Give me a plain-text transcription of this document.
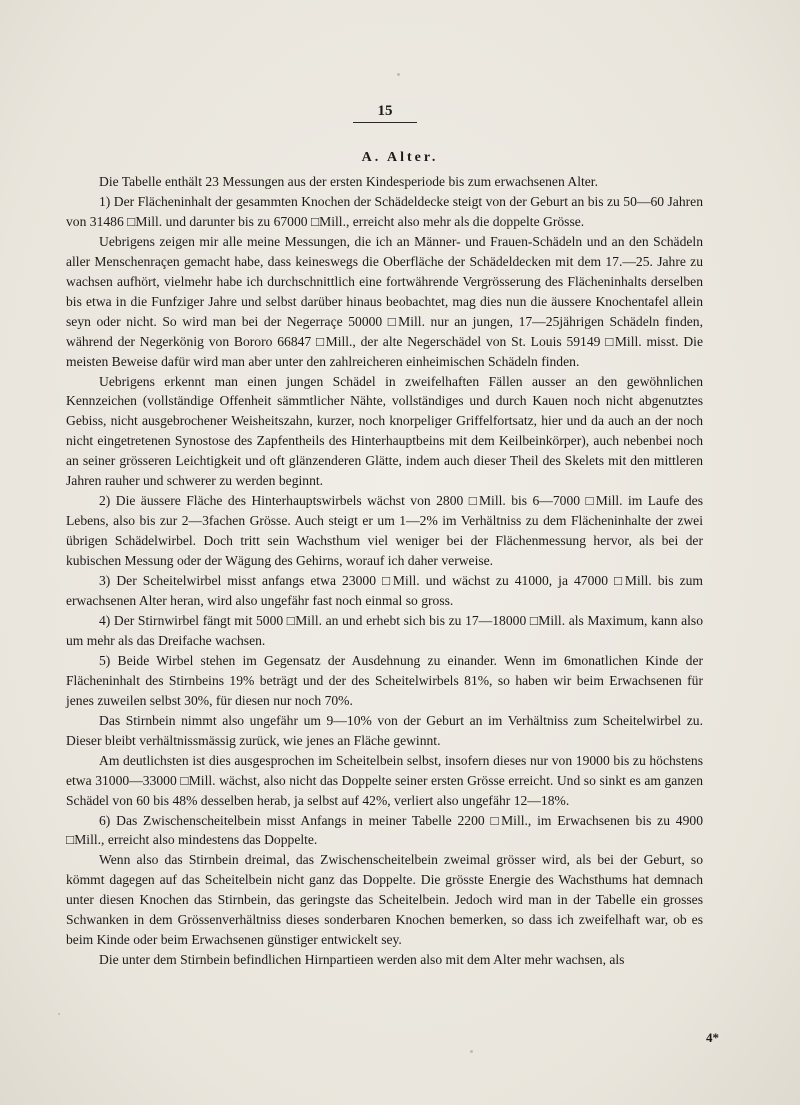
15
A. Alter.

Die Tabelle enthält 23 Messungen aus der ersten Kindesperiode bis zum erwachsenen Alter.

1) Der Flächeninhalt der gesammten Knochen der Schädeldecke steigt von der Geburt an bis zu 50—60 Jahren von 31486 □Mill. und darunter bis zu 67000 □Mill., erreicht also mehr als die doppelte Grösse.

Uebrigens zeigen mir alle meine Messungen, die ich an Männer- und Frauen-Schädeln und an den Schädeln aller Menschenraçen gemacht habe, dass keineswegs die Oberfläche der Schädeldecken mit dem 17.—25. Jahre zu wachsen aufhört, vielmehr habe ich durchschnittlich eine fortwährende Vergrösserung des Flächeninhalts derselben bis etwa in die Funfziger Jahre und selbst darüber hinaus beobachtet, mag dies nun die äussere Knochentafel allein seyn oder nicht. So wird man bei der Negerraçe 50000 □Mill. nur an jungen, 17—25jährigen Schädeln finden, während der Negerkönig von Bororo 66847 □Mill., der alte Negerschädel von St. Louis 59149 □Mill. misst. Die meisten Beweise dafür wird man aber unter den zahlreicheren einheimischen Schädeln finden.

Uebrigens erkennt man einen jungen Schädel in zweifelhaften Fällen ausser an den gewöhnlichen Kennzeichen (vollständige Offenheit sämmtlicher Nähte, vollständiges und durch Kauen noch nicht abgenutztes Gebiss, nicht ausgebrochener Weisheitszahn, kurzer, noch knorpeliger Griffelfortsatz, hier und da auch an der noch nicht eingetretenen Synostose des Zapfentheils des Hinterhauptbeins mit dem Keilbeinkörper), auch nebenbei noch an seiner grösseren Leichtigkeit und oft glänzenderen Glätte, indem auch dieser Theil des Skelets mit den mittleren Jahren rauher und schwerer zu werden beginnt.

2) Die äussere Fläche des Hinterhauptswirbels wächst von 2800 □Mill. bis 6—7000 □Mill. im Laufe des Lebens, also bis zur 2—3fachen Grösse. Auch steigt er um 1—2% im Verhältniss zu dem Flächeninhalte der zwei übrigen Schädelwirbel. Doch tritt sein Wachsthum viel weniger bei der Flächenmessung hervor, als bei der kubischen Messung oder der Wägung des Gehirns, worauf ich daher verweise.

3) Der Scheitelwirbel misst anfangs etwa 23000 □Mill. und wächst zu 41000, ja 47000 □Mill. bis zum erwachsenen Alter heran, wird also ungefähr fast noch einmal so gross.

4) Der Stirnwirbel fängt mit 5000 □Mill. an und erhebt sich bis zu 17—18000 □Mill. als Maximum, kann also um mehr als das Dreifache wachsen.

5) Beide Wirbel stehen im Gegensatz der Ausdehnung zu einander. Wenn im 6monatlichen Kinde der Flächeninhalt des Stirnbeins 19% beträgt und der des Scheitelwirbels 81%, so haben wir beim Erwachsenen für jenes zuweilen selbst 30%, für diesen nur noch 70%.

Das Stirnbein nimmt also ungefähr um 9—10% von der Geburt an im Verhältniss zum Scheitelwirbel zu. Dieser bleibt verhältnissmässig zurück, wie jenes an Fläche gewinnt.

Am deutlichsten ist dies ausgesprochen im Scheitelbein selbst, insofern dieses nur von 19000 bis zu höchstens etwa 31000—33000 □Mill. wächst, also nicht das Doppelte seiner ersten Grösse erreicht. Und so sinkt es am ganzen Schädel von 60 bis 48% desselben herab, ja selbst auf 42%, verliert also ungefähr 12—18%.

6) Das Zwischenscheitelbein misst Anfangs in meiner Tabelle 2200 □Mill., im Erwachsenen bis zu 4900 □Mill., erreicht also mindestens das Doppelte.

Wenn also das Stirnbein dreimal, das Zwischenscheitelbein zweimal grösser wird, als bei der Geburt, so kömmt dagegen auf das Scheitelbein nicht ganz das Doppelte. Die grösste Energie des Wachsthums hat demnach unter diesen Knochen das Stirnbein, das geringste das Scheitelbein. Jedoch wird man in der Tabelle ein grosses Schwanken in dem Grössenverhältniss dieses sonderbaren Knochen bemerken, so dass ich zweifelhaft war, ob es beim Kinde oder beim Erwachsenen günstiger entwickelt sey.

Die unter dem Stirnbein befindlichen Hirnpartieen werden also mit dem Alter mehr wachsen, als

4*
